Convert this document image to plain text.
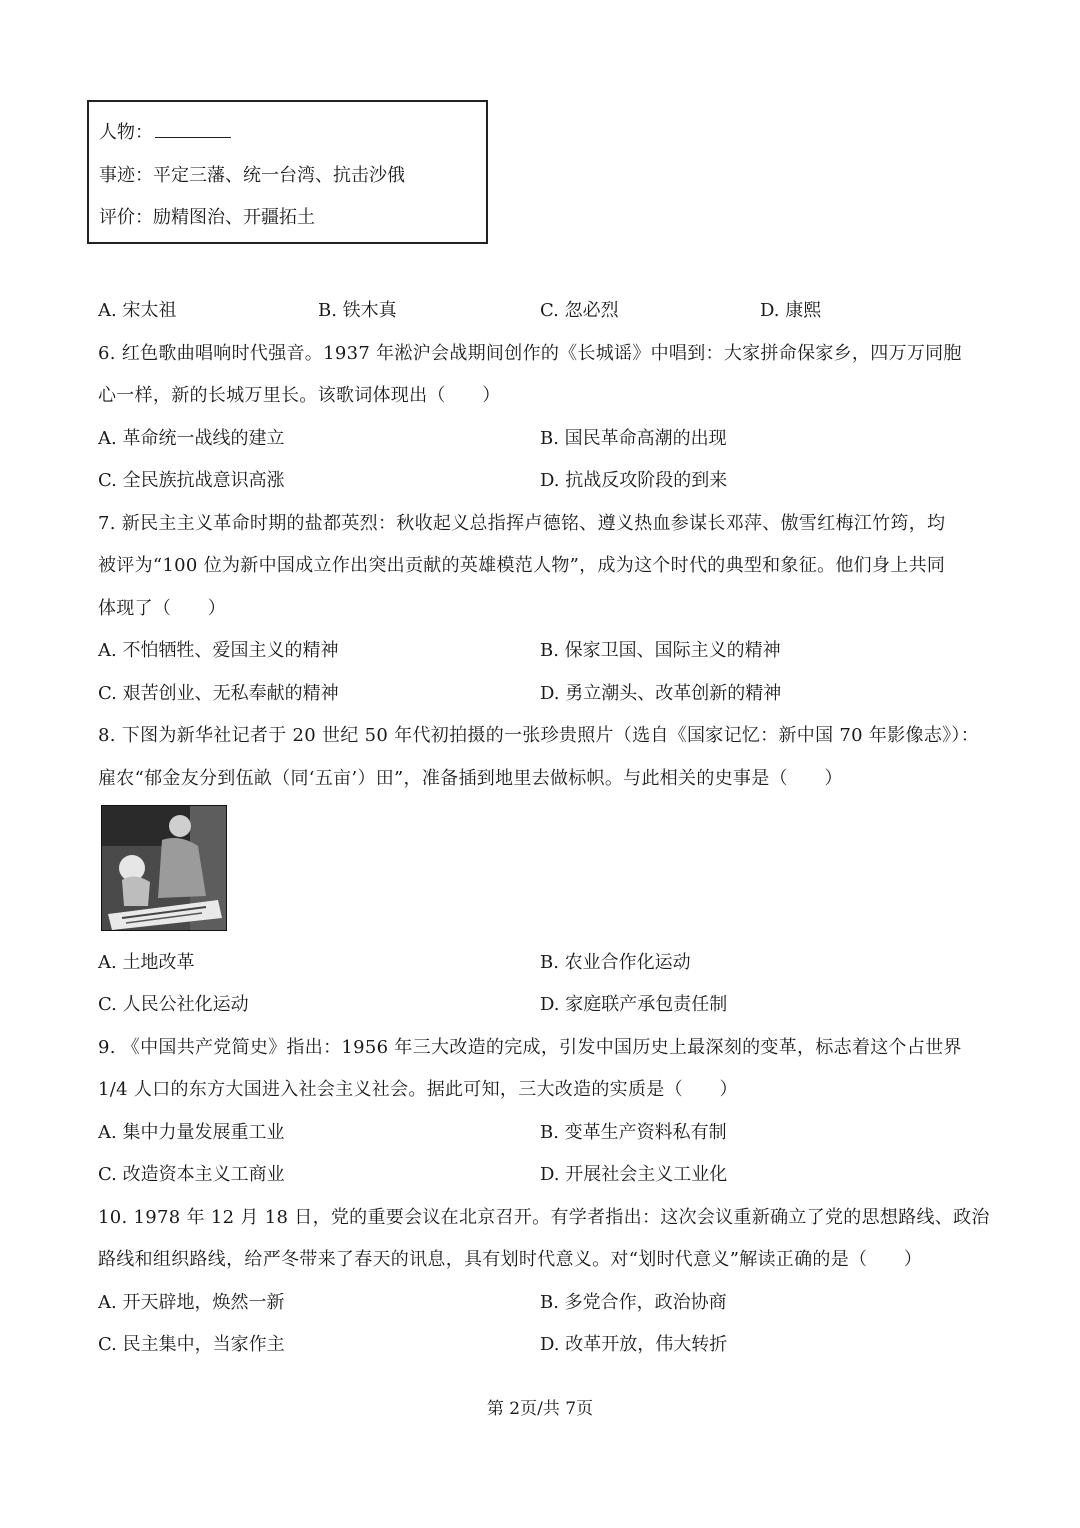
人物：
事迹：平定三藩、统一台湾、抗击沙俄
评价：励精图治、开疆拓土
A. 宋太祖	B. 铁木真	C. 忽必烈	D. 康熙
6. 红色歌曲唱响时代强音。1937 年淞沪会战期间创作的《长城谣》中唱到：大家拼命保家乡，四万万同胞
心一样，新的长城万里长。该歌词体现出（　　）
A. 革命统一战线的建立	B. 国民革命高潮的出现
C. 全民族抗战意识高涨	D. 抗战反攻阶段的到来
7. 新民主主义革命时期的盐都英烈：秋收起义总指挥卢德铭、遵义热血参谋长邓萍、傲雪红梅江竹筠，均
被评为“100 位为新中国成立作出突出贡献的英雄模范人物”，成为这个时代的典型和象征。他们身上共同
体现了（　　）
A. 不怕牺牲、爱国主义的精神	B. 保家卫国、国际主义的精神
C. 艰苦创业、无私奉献的精神	D. 勇立潮头、改革创新的精神
8. 下图为新华社记者于 20 世纪 50 年代初拍摄的一张珍贵照片（选自《国家记忆：新中国 70 年影像志》）：
雇农“郁金友分到伍畝（同‘五亩’）田”，准备插到地里去做标帜。与此相关的史事是（　　）
A. 土地改革	B. 农业合作化运动
C. 人民公社化运动	D. 家庭联产承包责任制
9. 《中国共产党简史》指出：1956 年三大改造的完成，引发中国历史上最深刻的变革，标志着这个占世界
1/4 人口的东方大国进入社会主义社会。据此可知，三大改造的实质是（　　）
A. 集中力量发展重工业	B. 变革生产资料私有制
C. 改造资本主义工商业	D. 开展社会主义工业化
10. 1978 年 12 月 18 日，党的重要会议在北京召开。有学者指出：这次会议重新确立了党的思想路线、政治
路线和组织路线，给严冬带来了春天的讯息，具有划时代意义。对“划时代意义”解读正确的是（　　）
A. 开天辟地，焕然一新	B. 多党合作，政治协商
C. 民主集中，当家作主	D. 改革开放，伟大转折
第 2页/共 7页
